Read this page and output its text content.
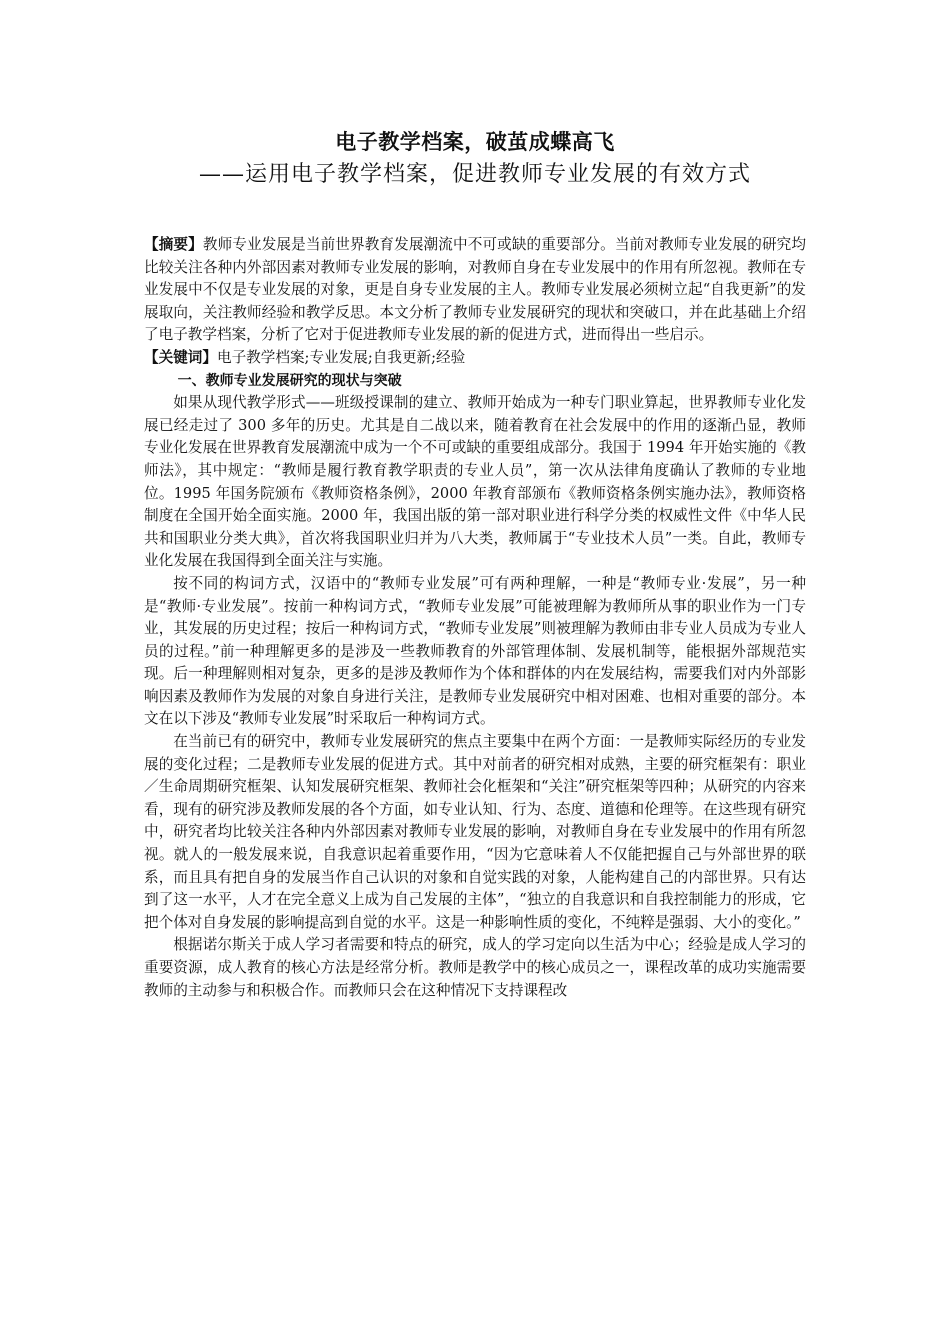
电子教学档案，破茧成蝶高飞
——运用电子教学档案，促进教师专业发展的有效方式

【摘要】教师专业发展是当前世界教育发展潮流中不可或缺的重要部分。当前对教师专业发展的研究均比较关注各种内外部因素对教师专业发展的影响，对教师自身在专业发展中的作用有所忽视。教师在专业发展中不仅是专业发展的对象，更是自身专业发展的主人。教师专业发展必须树立起“自我更新”的发展取向，关注教师经验和教学反思。本文分析了教师专业发展研究的现状和突破口，并在此基础上介绍了电子教学档案，分析了它对于促进教师专业发展的新的促进方式，进而得出一些启示。

【关键词】电子教学档案;专业发展;自我更新;经验

一、教师专业发展研究的现状与突破

如果从现代教学形式——班级授课制的建立、教师开始成为一种专门职业算起，世界教师专业化发展已经走过了 300 多年的历史。尤其是自二战以来，随着教育在社会发展中的作用的逐渐凸显，教师专业化发展在世界教育发展潮流中成为一个不可或缺的重要组成部分。我国于 1994 年开始实施的《教师法》，其中规定：“教师是履行教育教学职责的专业人员”，第一次从法律角度确认了教师的专业地位。1995 年国务院颁布《教师资格条例》，2000 年教育部颁布《教师资格条例实施办法》，教师资格制度在全国开始全面实施。2000 年，我国出版的第一部对职业进行科学分类的权威性文件《中华人民共和国职业分类大典》，首次将我国职业归并为八大类，教师属于“专业技术人员”一类。自此，教师专业化发展在我国得到全面关注与实施。

按不同的构词方式，汉语中的“教师专业发展”可有两种理解，一种是“教师专业·发展”，另一种是“教师·专业发展”。按前一种构词方式，“教师专业发展”可能被理解为教师所从事的职业作为一门专业，其发展的历史过程；按后一种构词方式，“教师专业发展”则被理解为教师由非专业人员成为专业人员的过程。”前一种理解更多的是涉及一些教师教育的外部管理体制、发展机制等，能根据外部规范实现。后一种理解则相对复杂，更多的是涉及教师作为个体和群体的内在发展结构，需要我们对内外部影响因素及教师作为发展的对象自身进行关注，是教师专业发展研究中相对困难、也相对重要的部分。本文在以下涉及“教师专业发展”时采取后一种构词方式。

在当前已有的研究中，教师专业发展研究的焦点主要集中在两个方面：一是教师实际经历的专业发展的变化过程；二是教师专业发展的促进方式。其中对前者的研究相对成熟，主要的研究框架有：职业／生命周期研究框架、认知发展研究框架、教师社会化框架和“关注”研究框架等四种；从研究的内容来看，现有的研究涉及教师发展的各个方面，如专业认知、行为、态度、道德和伦理等。在这些现有研究中，研究者均比较关注各种内外部因素对教师专业发展的影响，对教师自身在专业发展中的作用有所忽视。就人的一般发展来说，自我意识起着重要作用，“因为它意味着人不仅能把握自己与外部世界的联系，而且具有把自身的发展当作自己认识的对象和自觉实践的对象，人能构建自己的内部世界。只有达到了这一水平，人才在完全意义上成为自己发展的主体”，“独立的自我意识和自我控制能力的形成，它把个体对自身发展的影响提高到自觉的水平。这是一种影响性质的变化，不纯粹是强弱、大小的变化。”

根据诺尔斯关于成人学习者需要和特点的研究，成人的学习定向以生活为中心；经验是成人学习的重要资源，成人教育的核心方法是经常分析。教师是教学中的核心成员之一，课程改革的成功实施需要教师的主动参与和积极合作。而教师只会在这种情况下支持课程改
